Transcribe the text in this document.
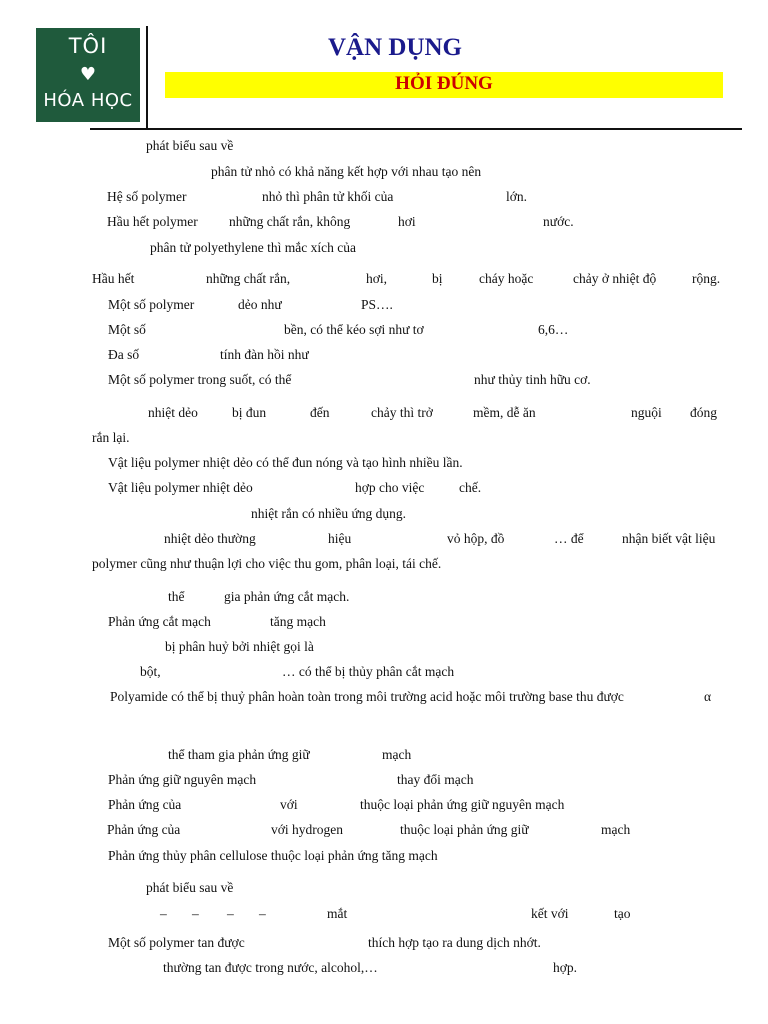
TÔI
♥
HÓA HỌC
VẬN DỤNG
HỎI ĐÚNG
phát biểu sau về
phân tử nhỏ có khả năng kết hợp với nhau tạo nên
Hệ số polymer	nhỏ thì phân tử khối của	lớn.
Hầu hết polymer những chất rắn, không	hơi	nước.
phân tử polyethylene thì mắc xích của
Hầu hết	những chất rắn,	hơi,	bị	cháy hoặc	chảy ở nhiệt độ	rộng.
Một số polymer	dẻo như	PS….
Một số	bền, có thể kéo sợi như tơ	6,6…
Đa số	tính đàn hồi như
Một số polymer trong suốt, có thể	như thủy tinh hữu cơ.
nhiệt dẻo	bị đun	đến	chảy thì trở	mềm, dễ ăn	nguội đóng
rắn lại.
Vật liệu polymer nhiệt dẻo có thể đun nóng và tạo hình nhiều lần.
Vật liệu polymer nhiệt dẻo	hợp cho việc	chế.
nhiệt rắn có nhiều ứng dụng.
nhiệt dẻo thường	hiệu	vỏ hộp, đồ	… để	nhận biết vật liệu
polymer cũng như thuận lợi cho việc thu gom, phân loại, tái chế.
thể	gia phản ứng cắt mạch.
Phản ứng cắt mạch	tăng mạch
bị phân huỷ bởi nhiệt gọi là
bột,	… có thể bị thủy phân cắt mạch
Polyamide có thể bị thuỷ phân hoàn toàn trong môi trường acid hoặc môi trường base thu được	α
thể tham gia phản ứng giữ	mạch
Phản ứng giữ nguyên mạch	thay đổi mạch
Phản ứng của	với	thuộc loại phản ứng giữ nguyên mạch
Phản ứng của	với hydrogen	thuộc loại phản ứng giữ	mạch
Phản ứng thủy phân cellulose thuộc loại phản ứng tăng mạch
phát biểu sau về
– – – –	mắt	kết với	tạo
Một số polymer tan được	thích hợp tạo ra dung dịch nhớt.
thường tan được trong nước, alcohol,…	hợp.
